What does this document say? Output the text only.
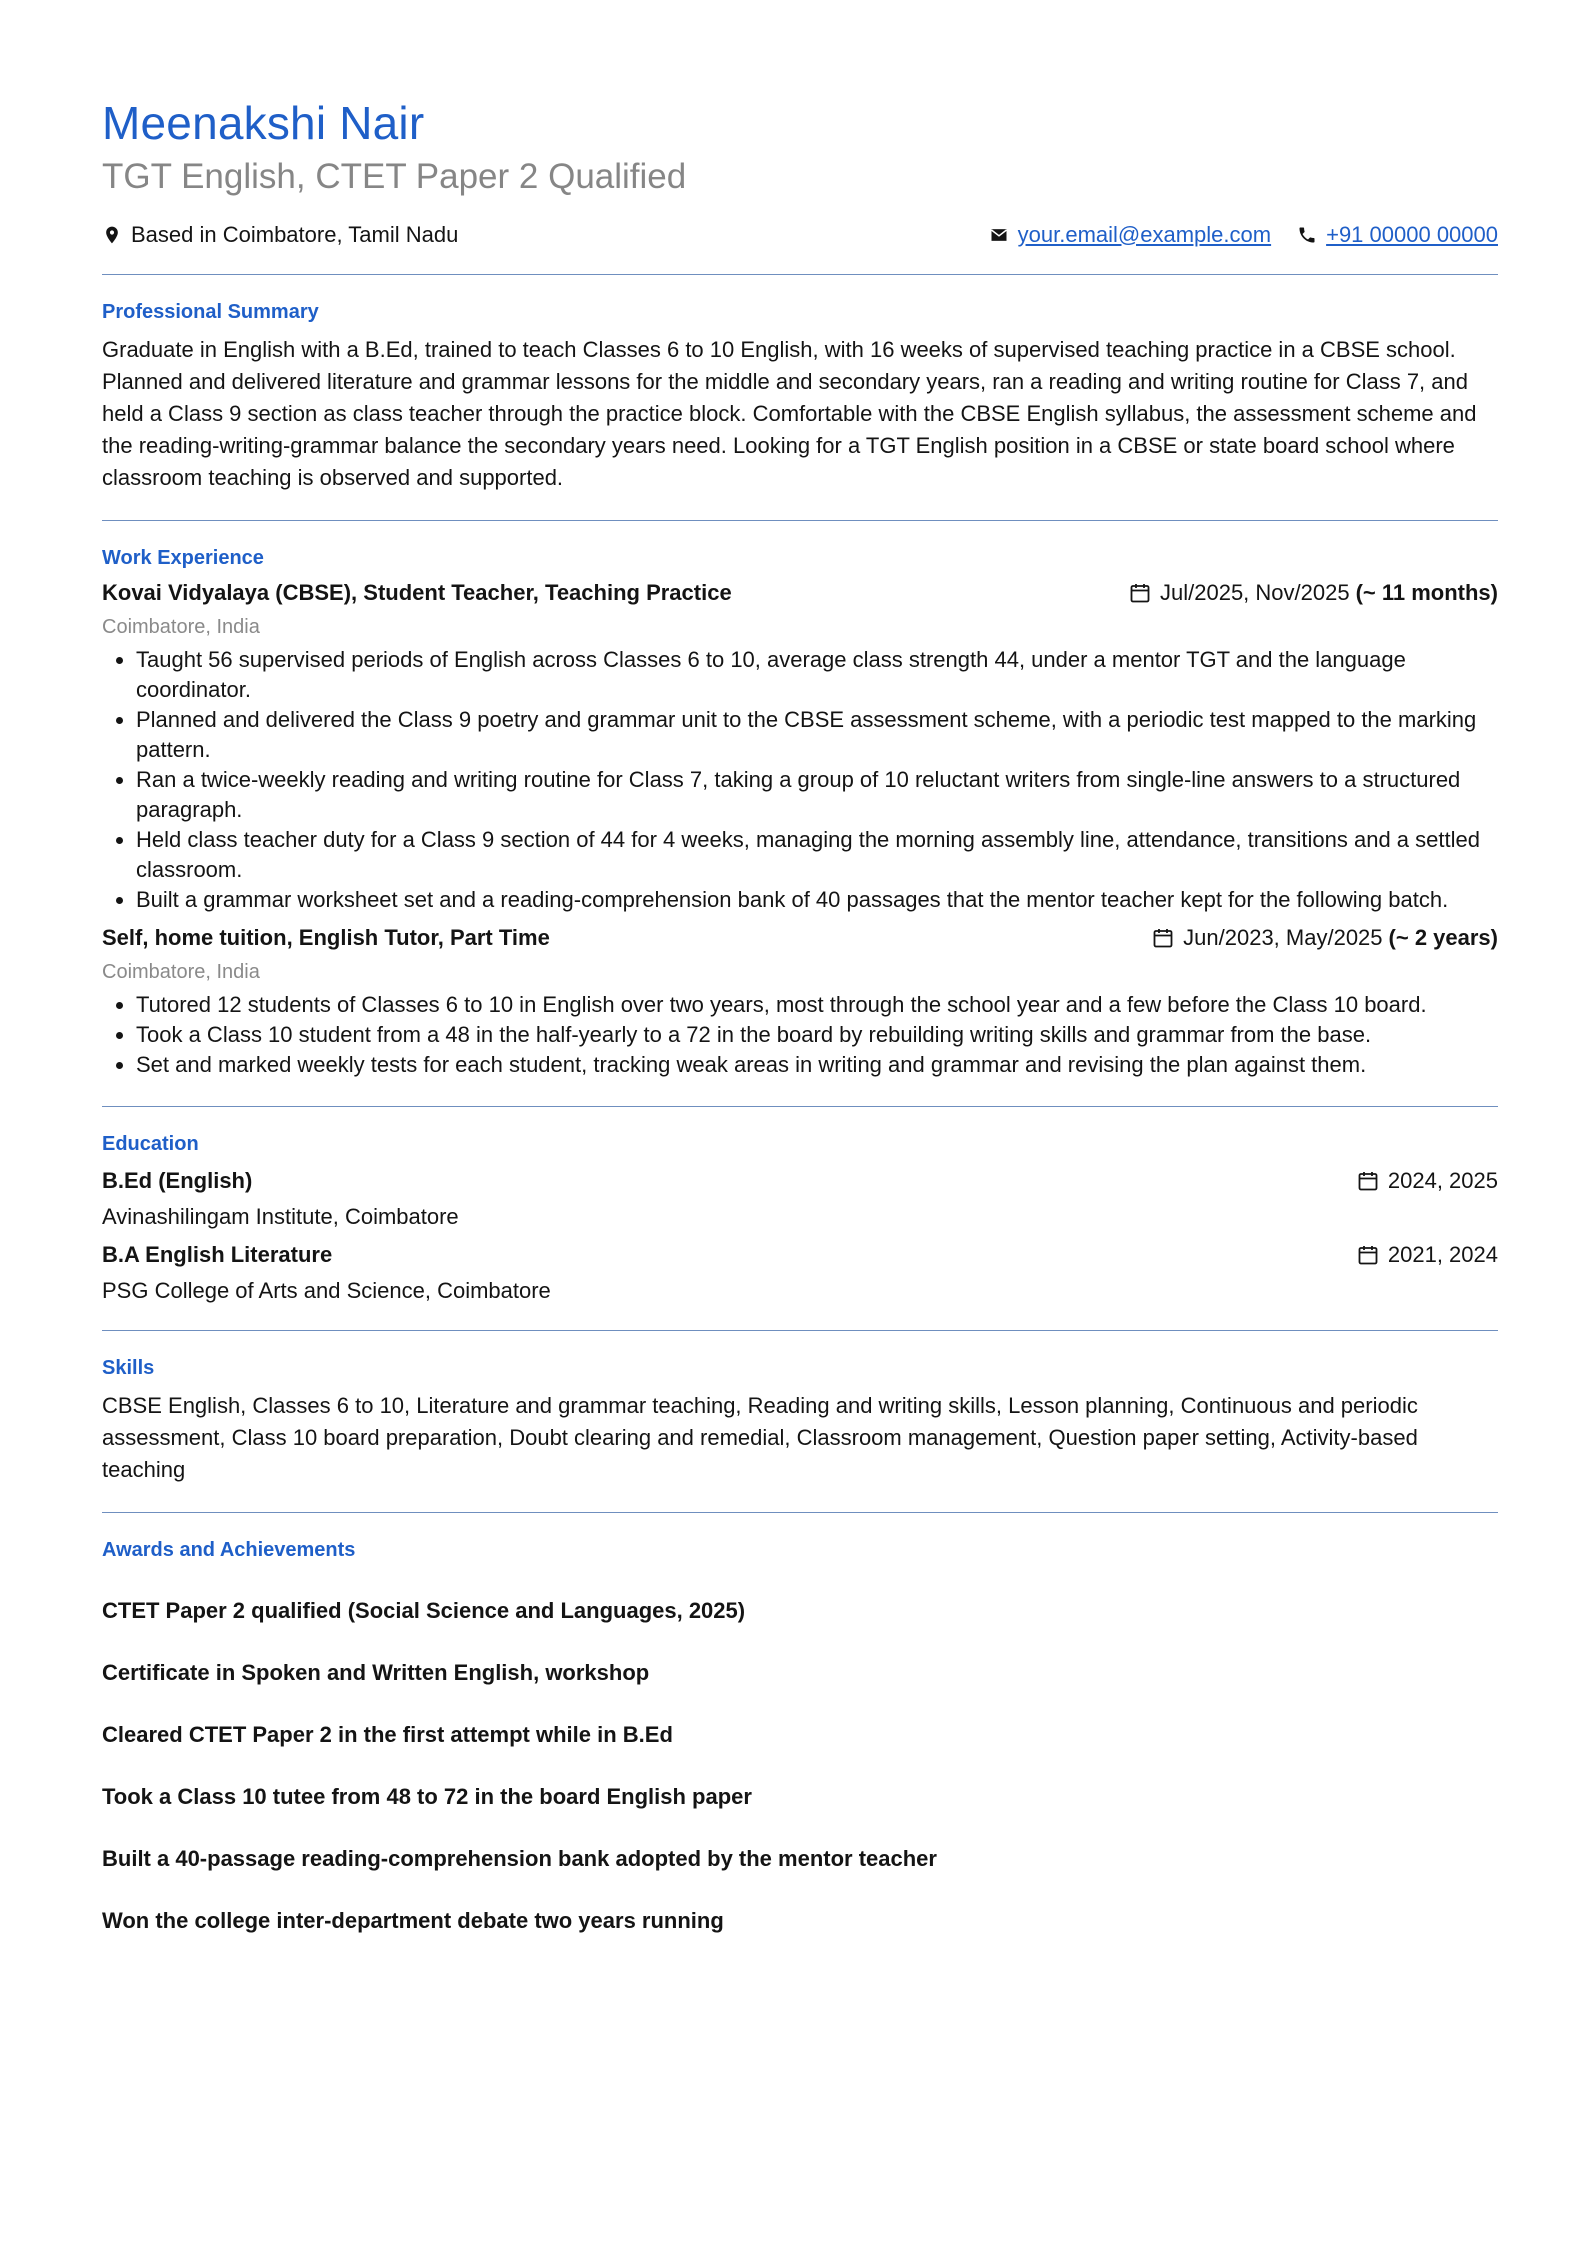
Meenakshi Nair
TGT English, CTET Paper 2 Qualified
Based in Coimbatore, Tamil Nadu	your.email@example.com	+91 00000 00000
Professional Summary
Graduate in English with a B.Ed, trained to teach Classes 6 to 10 English, with 16 weeks of supervised teaching practice in a CBSE school. Planned and delivered literature and grammar lessons for the middle and secondary years, ran a reading and writing routine for Class 7, and held a Class 9 section as class teacher through the practice block. Comfortable with the CBSE English syllabus, the assessment scheme and the reading-writing-grammar balance the secondary years need. Looking for a TGT English position in a CBSE or state board school where classroom teaching is observed and supported.
Work Experience
Kovai Vidyalaya (CBSE), Student Teacher, Teaching Practice	Jul/2025, Nov/2025 (~ 11 months)
Coimbatore, India
• Taught 56 supervised periods of English across Classes 6 to 10, average class strength 44, under a mentor TGT and the language coordinator.
• Planned and delivered the Class 9 poetry and grammar unit to the CBSE assessment scheme, with a periodic test mapped to the marking pattern.
• Ran a twice-weekly reading and writing routine for Class 7, taking a group of 10 reluctant writers from single-line answers to a structured paragraph.
• Held class teacher duty for a Class 9 section of 44 for 4 weeks, managing the morning assembly line, attendance, transitions and a settled classroom.
• Built a grammar worksheet set and a reading-comprehension bank of 40 passages that the mentor teacher kept for the following batch.
Self, home tuition, English Tutor, Part Time	Jun/2023, May/2025 (~ 2 years)
Coimbatore, India
• Tutored 12 students of Classes 6 to 10 in English over two years, most through the school year and a few before the Class 10 board.
• Took a Class 10 student from a 48 in the half-yearly to a 72 in the board by rebuilding writing skills and grammar from the base.
• Set and marked weekly tests for each student, tracking weak areas in writing and grammar and revising the plan against them.
Education
B.Ed (English)	2024, 2025
Avinashilingam Institute, Coimbatore
B.A English Literature	2021, 2024
PSG College of Arts and Science, Coimbatore
Skills
CBSE English, Classes 6 to 10, Literature and grammar teaching, Reading and writing skills, Lesson planning, Continuous and periodic assessment, Class 10 board preparation, Doubt clearing and remedial, Classroom management, Question paper setting, Activity-based teaching
Awards and Achievements
CTET Paper 2 qualified (Social Science and Languages, 2025)
Certificate in Spoken and Written English, workshop
Cleared CTET Paper 2 in the first attempt while in B.Ed
Took a Class 10 tutee from 48 to 72 in the board English paper
Built a 40-passage reading-comprehension bank adopted by the mentor teacher
Won the college inter-department debate two years running
